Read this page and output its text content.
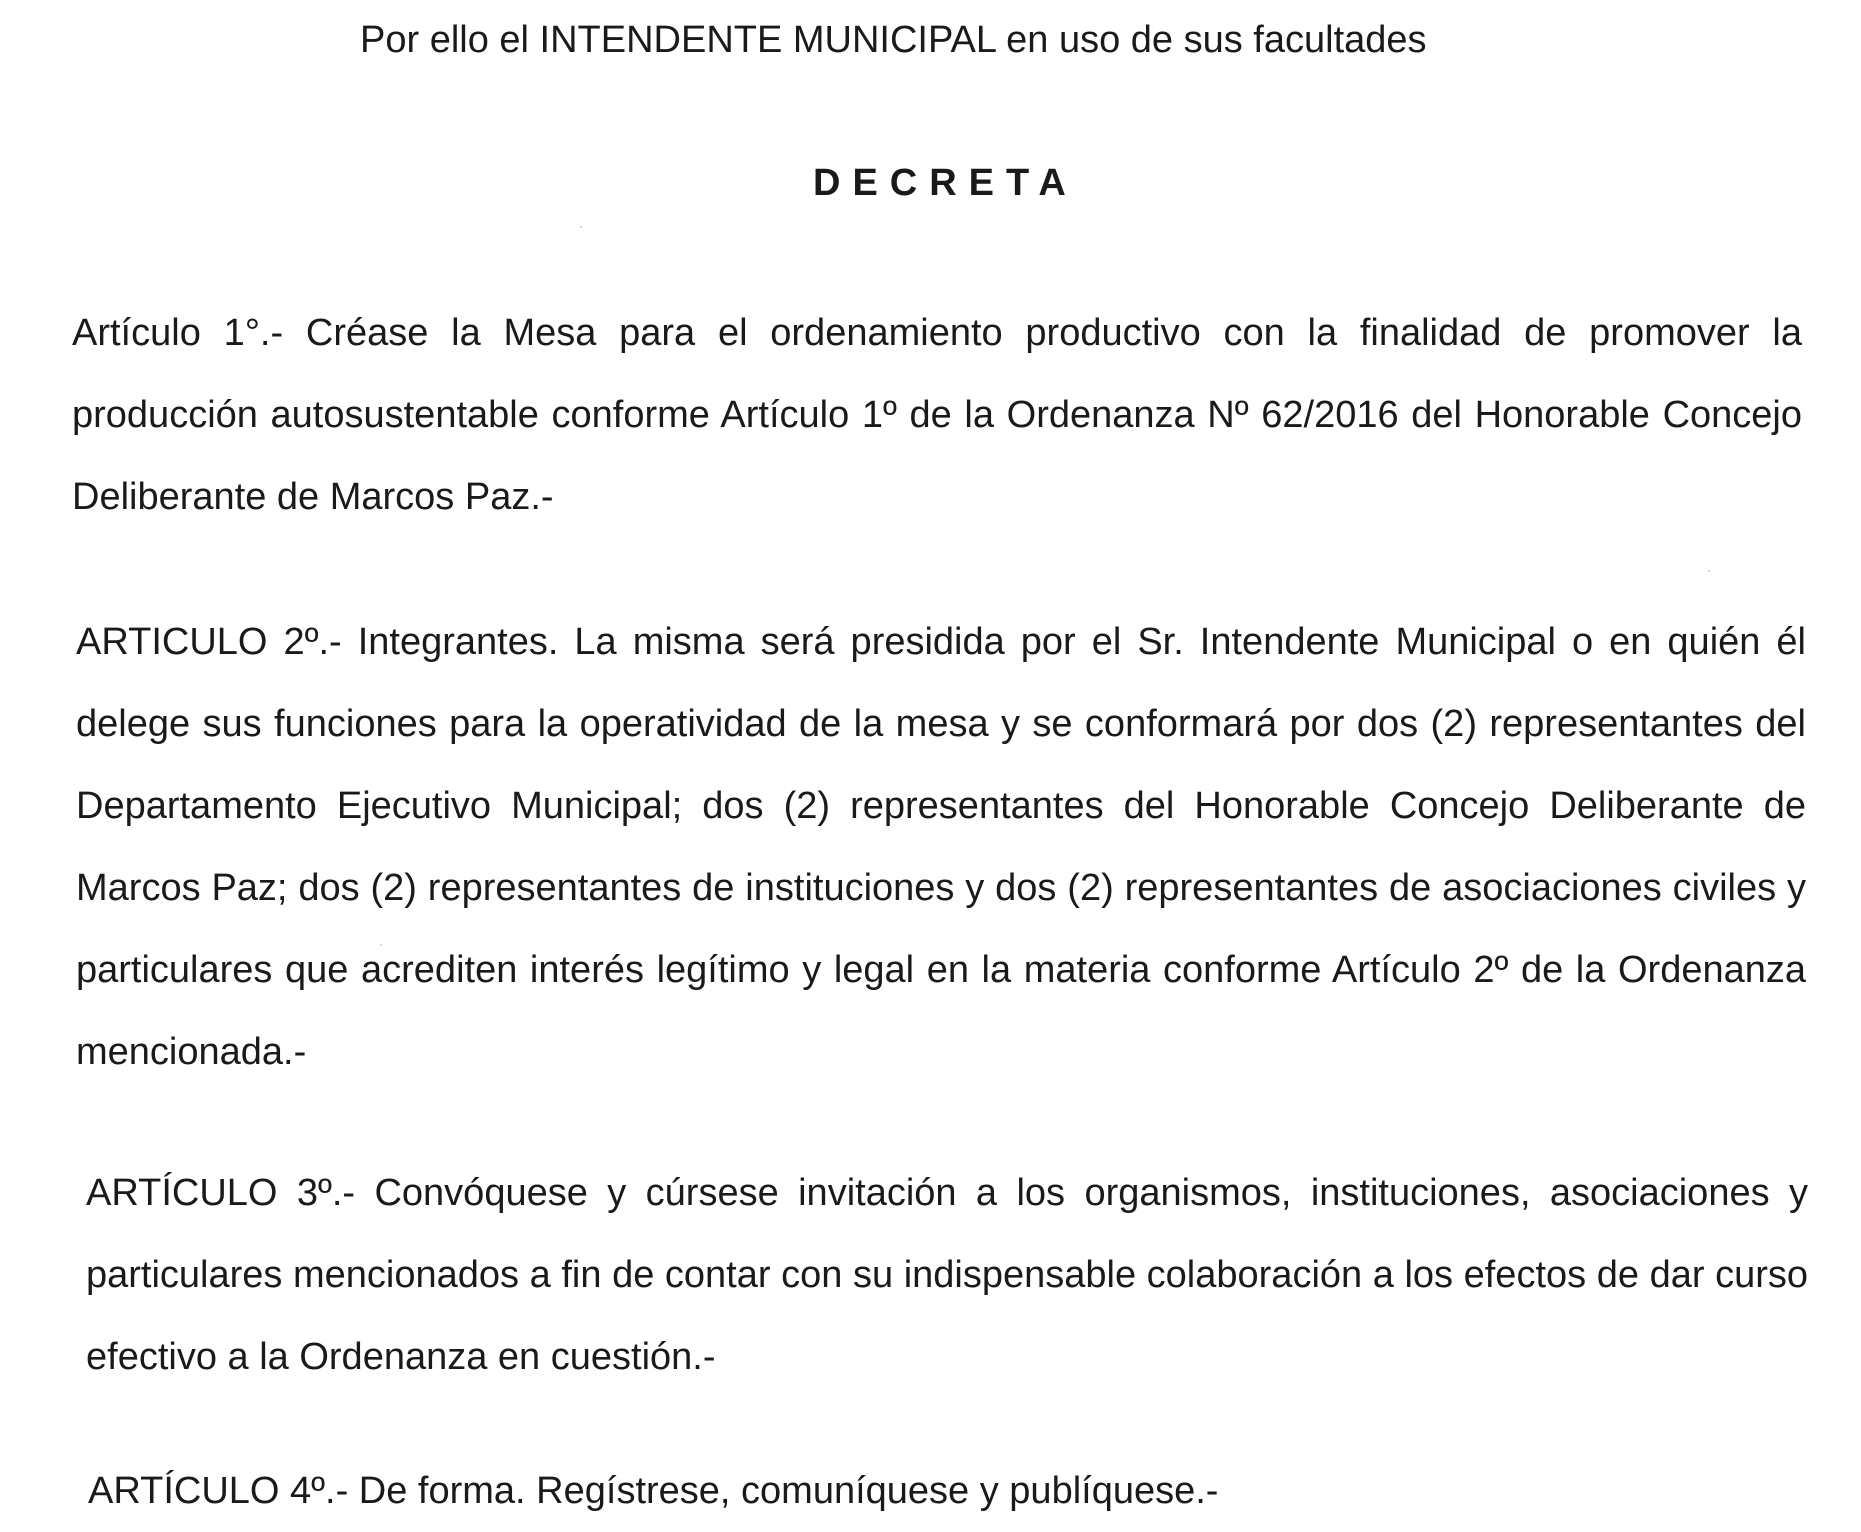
Por ello el INTENDENTE MUNICIPAL en uso de sus facultades
DECRETA

Artículo 1°.- Créase la Mesa para el ordenamiento productivo con la finalidad de promover la producción autosustentable conforme Artículo 1º de la Ordenanza Nº 62/2016 del Honorable Concejo Deliberante de Marcos Paz.-

ARTICULO 2º.- Integrantes. La misma será presidida por el Sr. Intendente Municipal o en quién él delege sus funciones para la operatividad de la mesa y se conformará por dos (2) representantes del Departamento Ejecutivo Municipal; dos (2) representantes del Honorable Concejo Deliberante de Marcos Paz; dos (2) representantes de instituciones y dos (2) representantes de asociaciones civiles y particulares que acrediten interés legítimo y legal en la materia conforme Artículo 2º de la Ordenanza mencionada.-

ARTÍCULO 3º.- Convóquese y cúrsese invitación a los organismos, instituciones, asociaciones y particulares mencionados a fin de contar con su indispensable colaboración a los efectos de dar curso efectivo a la Ordenanza en cuestión.-

ARTÍCULO 4º.- De forma. Regístrese, comuníquese y publíquese.-
